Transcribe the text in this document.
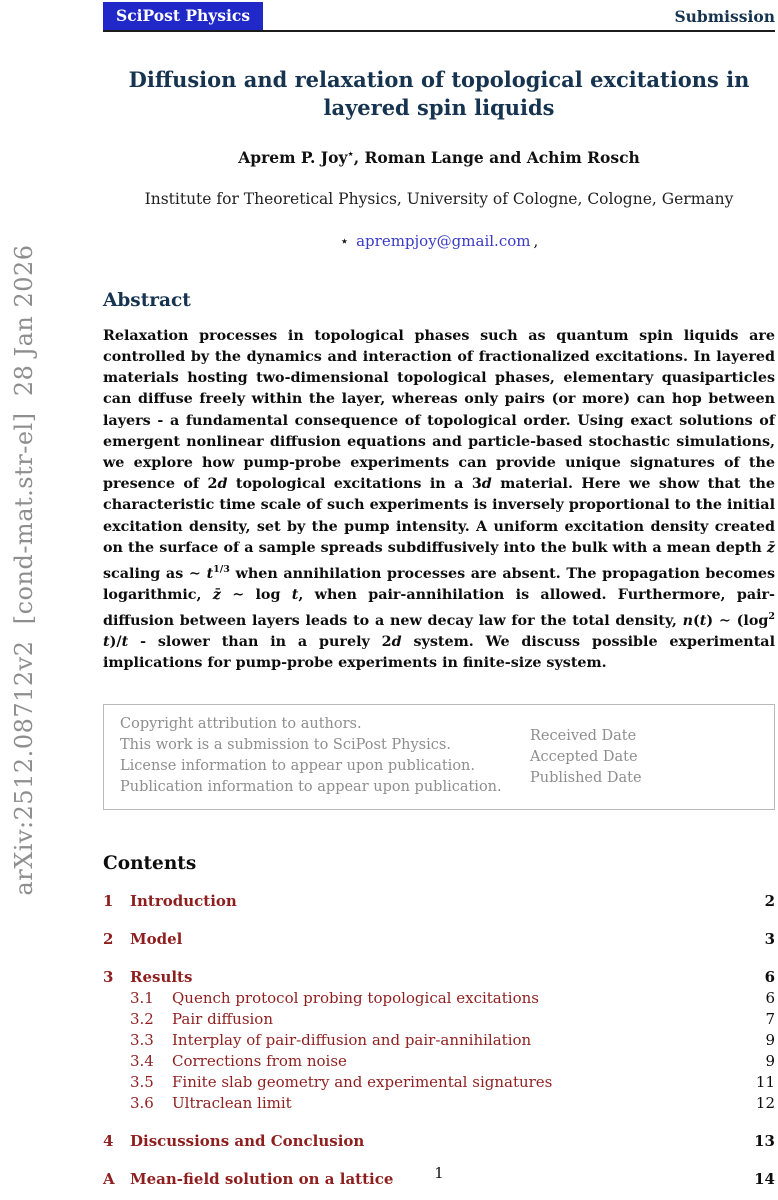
arXiv:2512.08712v2  [cond-mat.str-el]  28 Jan 2026
SciPost Physics	Submission
Diffusion and relaxation of topological excitations in layered spin liquids
Aprem P. Joy⋆, Roman Lange and Achim Rosch
Institute for Theoretical Physics, University of Cologne, Cologne, Germany
⋆ aprempjoy@gmail.com ,
Abstract
Relaxation processes in topological phases such as quantum spin liquids are controlled by the dynamics and interaction of fractionalized excitations. In layered materials hosting two-dimensional topological phases, elementary quasiparticles can diffuse freely within the layer, whereas only pairs (or more) can hop between layers - a fundamental consequence of topological order. Using exact solutions of emergent nonlinear diffusion equations and particle-based stochastic simulations, we explore how pump-probe experiments can provide unique signatures of the presence of 2d topological excitations in a 3d material. Here we show that the characteristic time scale of such experiments is inversely proportional to the initial excitation density, set by the pump intensity. A uniform excitation density created on the surface of a sample spreads subdiffusively into the bulk with a mean depth z̄ scaling as ∼ $t^{1/3}$ when annihilation processes are absent. The propagation becomes logarithmic, z̄ ∼ log t, when pair-annihilation is allowed. Furthermore, pair-diffusion between layers leads to a new decay law for the total density, n(t) ∼ ($\log^2$ t)/t - slower than in a purely 2d system. We discuss possible experimental implications for pump-probe experiments in finite-size system.
Copyright attribution to authors.
This work is a submission to SciPost Physics.
License information to appear upon publication.
Publication information to appear upon publication.
Received Date
Accepted Date
Published Date
Contents
1	Introduction	2
2	Model	3
3	Results	6
3.1	Quench protocol probing topological excitations	6
3.2	Pair diffusion	7
3.3	Interplay of pair-diffusion and pair-annihilation	9
3.4	Corrections from noise	9
3.5	Finite slab geometry and experimental signatures	11
3.6	Ultraclean limit	12
4	Discussions and Conclusion	13
A	Mean-field solution on a lattice	14
1
